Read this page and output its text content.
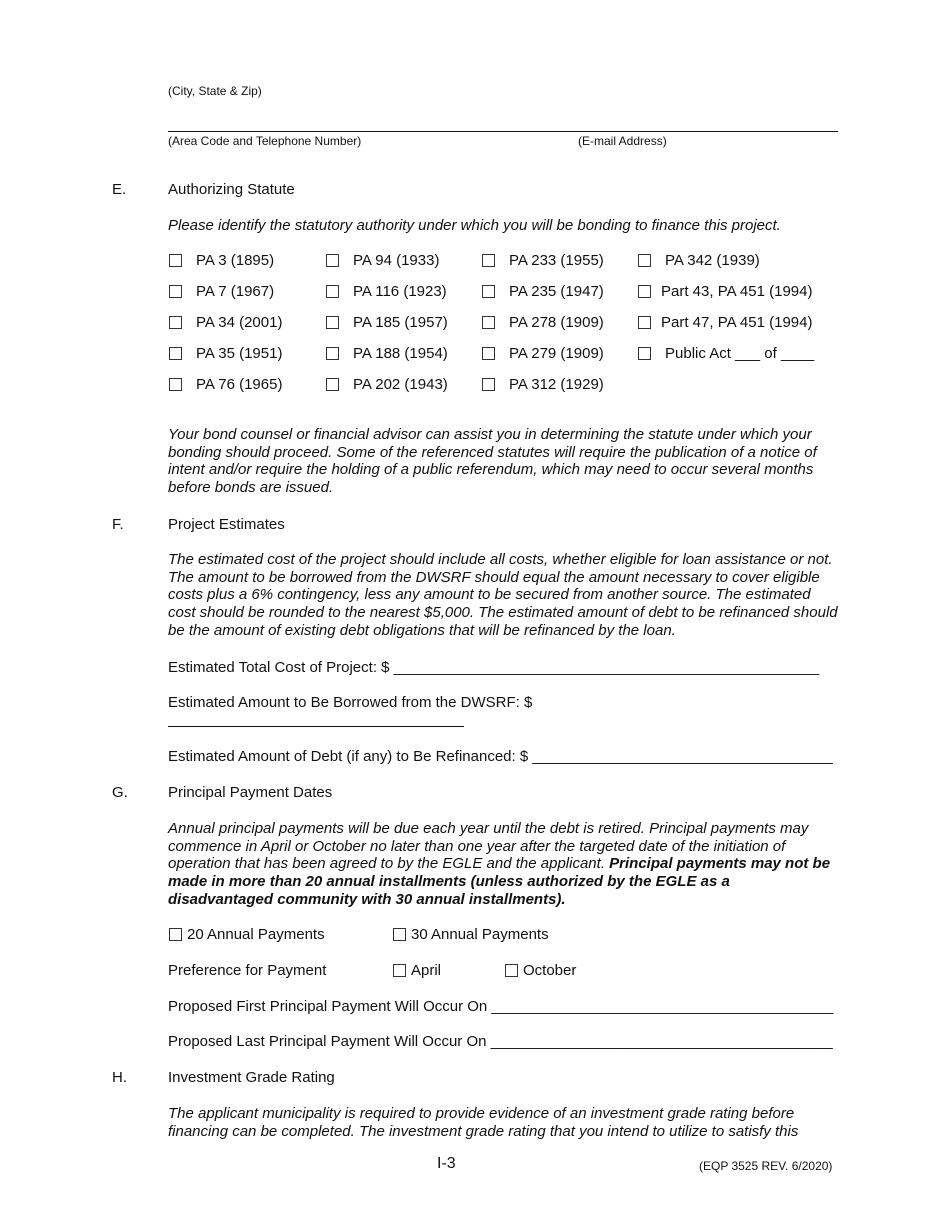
(City, State & Zip)
(Area Code and Telephone Number)	(E-mail Address)
E.	Authorizing Statute
Please identify the statutory authority under which you will be bonding to finance this project.
PA 3 (1895)	PA 94 (1933)	PA 233 (1955)	PA 342 (1939)
PA 7 (1967)	PA 116 (1923)	PA 235 (1947)	Part 43, PA 451 (1994)
PA 34 (2001)	PA 185 (1957)	PA 278 (1909)	Part 47, PA 451 (1994)
PA 35 (1951)	PA 188 (1954)	PA 279 (1909)	Public Act ___ of ____
PA 76 (1965)	PA 202 (1943)	PA 312 (1929)
Your bond counsel or financial advisor can assist you in determining the statute under which your bonding should proceed. Some of the referenced statutes will require the publication of a notice of intent and/or require the holding of a public referendum, which may need to occur several months before bonds are issued.
F.	Project Estimates
The estimated cost of the project should include all costs, whether eligible for loan assistance or not. The amount to be borrowed from the DWSRF should equal the amount necessary to cover eligible costs plus a 6% contingency, less any amount to be secured from another source. The estimated cost should be rounded to the nearest $5,000. The estimated amount of debt to be refinanced should be the amount of existing debt obligations that will be refinanced by the loan.
Estimated Total Cost of Project: $ ___________________________________________________
Estimated Amount to Be Borrowed from the DWSRF: $
Estimated Amount of Debt (if any) to Be Refinanced: $ ____________________________________
G.	Principal Payment Dates
Annual principal payments will be due each year until the debt is retired. Principal payments may commence in April or October no later than one year after the targeted date of the initiation of operation that has been agreed to by the EGLE and the applicant. Principal payments may not be made in more than 20 annual installments (unless authorized by the EGLE as a disadvantaged community with 30 annual installments).
20 Annual Payments	30 Annual Payments
Preference for Payment	April	October
Proposed First Principal Payment Will Occur On _________________________________________
Proposed Last Principal Payment Will Occur On _________________________________________
H.	Investment Grade Rating
The applicant municipality is required to provide evidence of an investment grade rating before financing can be completed. The investment grade rating that you intend to utilize to satisfy this
I-3	(EQP 3525 REV. 6/2020)
